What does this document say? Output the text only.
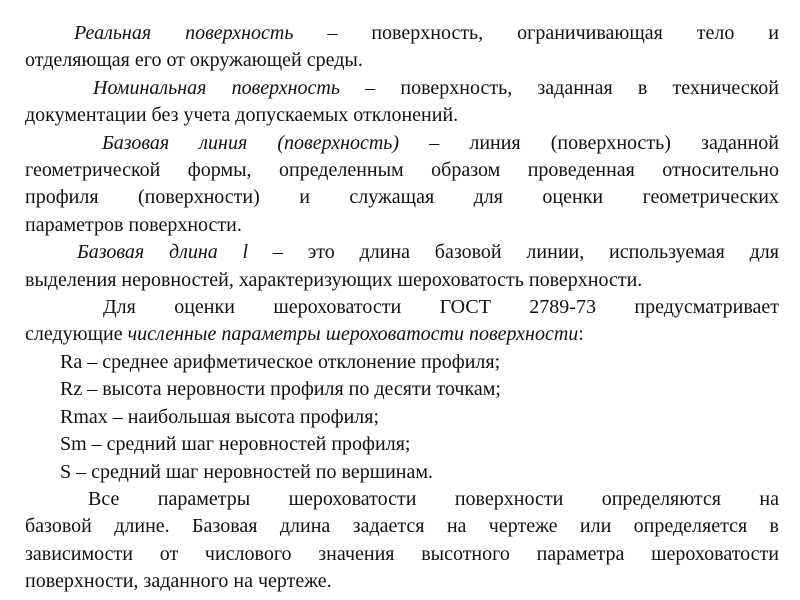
Реальная поверхность – поверхность, ограничивающая тело и
отделяющая его от окружающей среды.
Номинальная поверхность – поверхность, заданная в технической
документации без учета допускаемых отклонений.
Базовая линия (поверхность) – линия (поверхность) заданной
геометрической формы, определенным образом проведенная относительно
профиля (поверхности) и служащая для оценки геометрических
параметров поверхности.
Базовая длина l – это длина базовой линии, используемая для
выделения неровностей, характеризующих шероховатость поверхности.
Для оценки шероховатости ГОСТ 2789-73 предусматривает
следующие численные параметры шероховатости поверхности:
Ra – среднее арифметическое отклонение профиля;
Rz – высота неровности профиля по десяти точкам;
Rmax – наибольшая высота профиля;
Sm – средний шаг неровностей профиля;
S – средний шаг неровностей по вершинам.
Все параметры шероховатости поверхности определяются на
базовой длине. Базовая длина задается на чертеже или определяется в
зависимости от числового значения высотного параметра шероховатости
поверхности, заданного на чертеже.
